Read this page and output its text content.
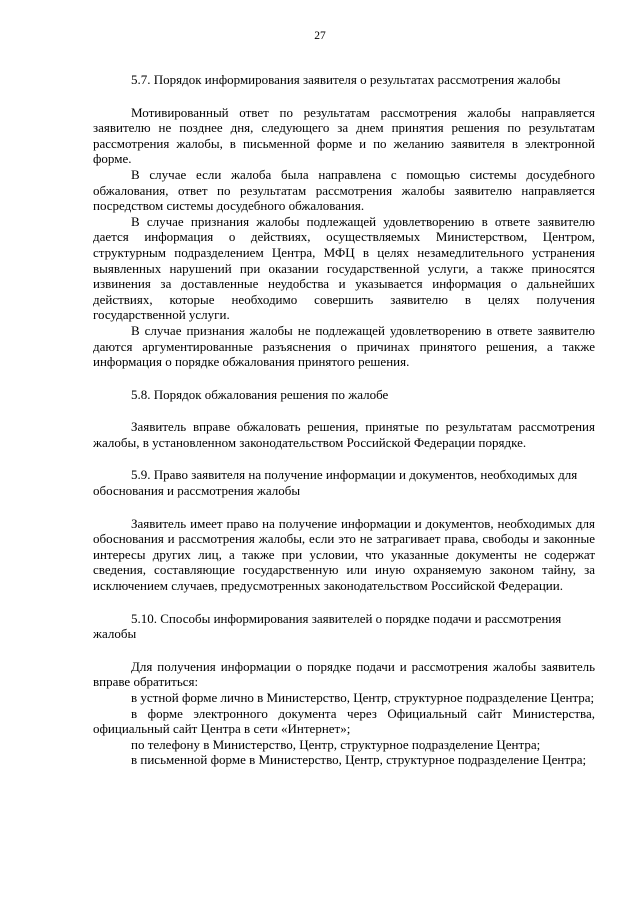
27

5.7. Порядок информирования заявителя о результатах рассмотрения жалобы

Мотивированный ответ по результатам рассмотрения жалобы направляется заявителю не позднее дня, следующего за днем принятия решения по результатам рассмотрения жалобы, в письменной форме и по желанию заявителя в электронной форме.

В случае если жалоба была направлена с помощью системы досудебного обжалования, ответ по результатам рассмотрения жалобы заявителю направляется посредством системы досудебного обжалования.

В случае признания жалобы подлежащей удовлетворению в ответе заявителю дается информация о действиях, осуществляемых Министерством, Центром, структурным подразделением Центра, МФЦ в целях незамедлительного устранения выявленных нарушений при оказании государственной услуги, а также приносятся извинения за доставленные неудобства и указывается информация о дальнейших действиях, которые необходимо совершить заявителю в целях получения государственной услуги.

В случае признания жалобы не подлежащей удовлетворению в ответе заявителю даются аргументированные разъяснения о причинах принятого решения, а также информация о порядке обжалования принятого решения.

5.8. Порядок обжалования решения по жалобе

Заявитель вправе обжаловать решения, принятые по результатам рассмотрения жалобы, в установленном законодательством Российской Федерации порядке.

5.9. Право заявителя на получение информации и документов, необходимых для обоснования и рассмотрения жалобы

Заявитель имеет право на получение информации и документов, необходимых для обоснования и рассмотрения жалобы, если это не затрагивает права, свободы и законные интересы других лиц, а также при условии, что указанные документы не содержат сведения, составляющие государственную или иную охраняемую законом тайну, за исключением случаев, предусмотренных законодательством Российской Федерации.

5.10. Способы информирования заявителей о порядке подачи и рассмотрения жалобы

Для получения информации о порядке подачи и рассмотрения жалобы заявитель вправе обратиться:

в устной форме лично в Министерство, Центр, структурное подразделение Центра;

в форме электронного документа через Официальный сайт Министерства, официальный сайт Центра в сети «Интернет»;

по телефону в Министерство, Центр, структурное подразделение Центра;

в письменной форме в Министерство, Центр, структурное подразделение Центра;
